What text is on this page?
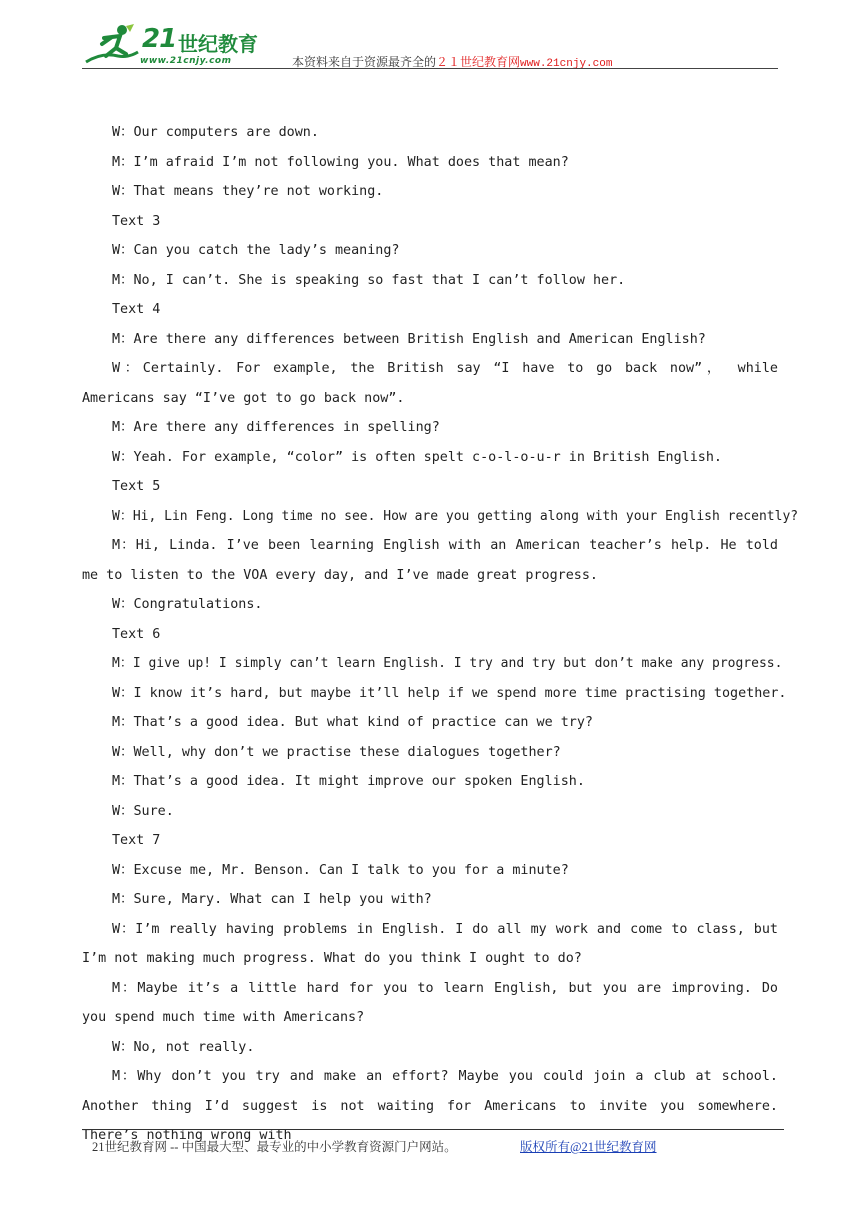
21 世纪教育
www.21cnjy.com	本资料来自于资源最齐全的２１世纪教育网www.21cnjy.com

W：Our computers are down.

M：I’m afraid I’m not following you. What does that mean?

W：That means they’re not working.

Text 3

W：Can you catch the lady’s meaning?

M：No, I can’t. She is speaking so fast that I can’t follow her.

Text 4

M：Are there any differences between British English and American English?

W：Certainly. For example, the British say “I have to go back now”， while Americans say “I’ve got to go back now”.

M：Are there any differences in spelling?

W：Yeah. For example, “color” is often spelt c-o-l-o-u-r in British English.

Text 5

W：Hi, Lin Feng. Long time no see. How are you getting along with your English recently?

M：Hi, Linda. I’ve been learning English with an American teacher’s help. He told me to listen to the VOA every day, and I’ve made great progress.

W：Congratulations.

Text 6

M：I give up! I simply can’t learn English. I try and try but don’t make any progress.

W：I know it’s hard, but maybe it’ll help if we spend more time practising together.

M：That’s a good idea. But what kind of practice can we try?

W：Well, why don’t we practise these dialogues together?

M：That’s a good idea. It might improve our spoken English.

W：Sure.

Text 7

W：Excuse me, Mr. Benson. Can I talk to you for a minute?

M：Sure, Mary. What can I help you with?

W：I’m really having problems in English. I do all my work and come to class, but I’m not making much progress. What do you think I ought to do?

M：Maybe it’s a little hard for you to learn English, but you are improving. Do you spend much time with Americans?

W：No, not really.

M：Why don’t you try and make an effort? Maybe you could join a club at school. Another thing I’d suggest is not waiting for Americans to invite you somewhere. There’s nothing wrong with

21世纪教育网 -- 中国最大型、最专业的中小学教育资源门户网站。	版权所有@21世纪教育网
